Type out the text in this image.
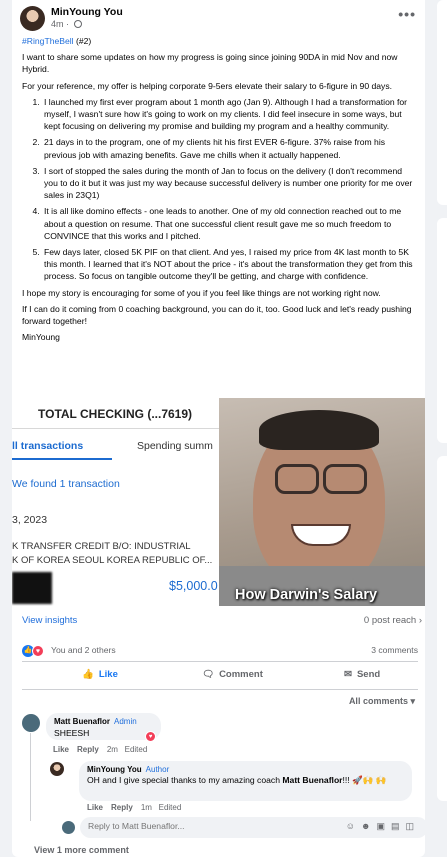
MinYoung You
4m ·
•••

#RingTheBell (#2)

I want to share some updates on how my progress is going since joining 90DA in mid Nov and now Hybrid.

For your reference, my offer is helping corporate 9-5ers elevate their salary to 6-figure in 90 days.

1. I launched my first ever program about 1 month ago (Jan 9). Although I had a transformation for myself, I wasn't sure how it's going to work on my clients. I did feel insecure in some ways, but kept focusing on delivering my promise and building my program and a healthy community.
2. 21 days in to the program, one of my clients hit his first EVER 6-figure. 37% raise from his previous job with amazing benefits. Gave me chills when it actually happened.
3. I sort of stopped the sales during the month of Jan to focus on the delivery (I don't recommend you to do it but it was just my way because successful delivery is number one priority for me over sales in 23Q1)
4. It is all like domino effects - one leads to another. One of my old connection reached out to me about a question on resume. That one successful client result gave me so much freedom to CONVINCE that this works and I pitched.
5. Few days later, closed 5K PIF on that client. And yes, I raised my price from 4K last month to 5K this month. I learned that it's NOT about the price - it's about the transformation they get from this process. So focus on tangible outcome they'll be getting, and charge with confidence.

I hope my story is encouraging for some of you if you feel like things are not working right now.

If I can do it coming from 0 coaching background, you can do it, too. Good luck and let's ready pushing forward together!

MinYoung

TOTAL CHECKING (...7619)
ll transactions	Spending summ
We found 1 transaction
3, 2023
K TRANSFER CREDIT B/O: INDUSTRIAL
K OF KOREA SEOUL KOREA REPUBLIC OF...
$5,000.0
How Darwin's Salary
View insights	0 post reach ›
👍 ♥	You and 2 others	3 comments
👍 Like	🗨 Comment	✉ Send
All comments ▾
Matt Buenaflor Admin
SHEESH	♥
Like Reply 2m Edited
MinYoung You Author
OH and I give special thanks to my amazing coach Matt Buenaflor!!! 🚀🙌 🙌
Like Reply 1m Edited
Reply to Matt Buenaflor...
☺☻▣▤◫
View 1 more comment
